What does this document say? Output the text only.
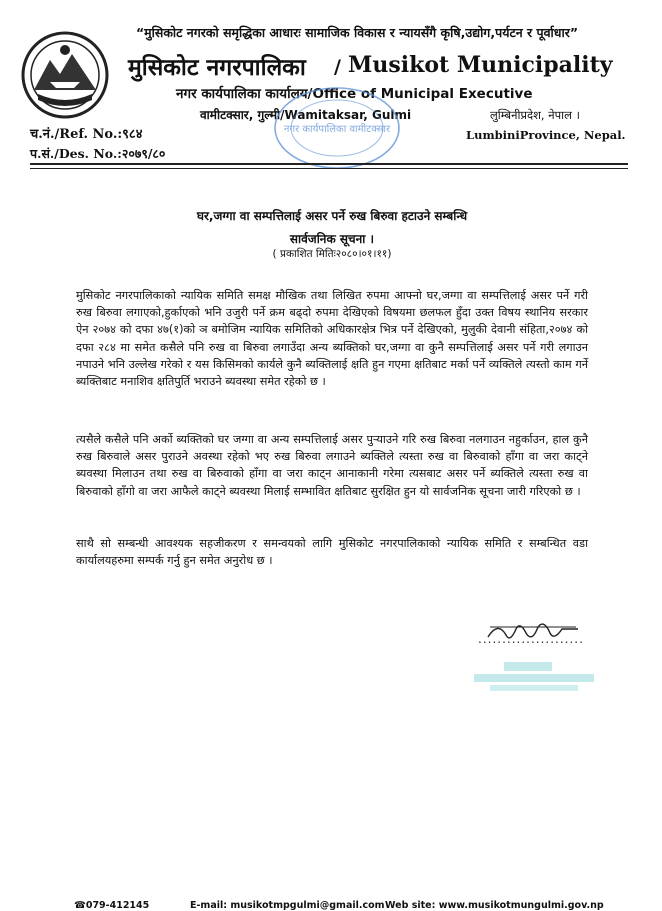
“मुसिकोट नगरको समृद्धिका आधारः सामाजिक विकास र न्यायसँगै कृषि,उद्योग,पर्यटन र पूर्वाधार”
मुसिकोट नगरपालिका / Musikot Municipality
नगर कार्यपालिका कार्यालय/Office of Municipal Executive
वामीटक्सार, गुल्मी/Wamitaksar, Gulmi	लुम्बिनीप्रदेश, नेपाल ।
LumbiniProvince, Nepal.
च.नं./Ref. No.:९८४
प.सं./Des. No.:२०७९/८०
नगर कार्यपालिका वामीटक्सार
घर,जग्गा वा सम्पत्तिलाई असर पर्ने रुख बिरुवा हटाउने सम्बन्धि
सार्वजनिक सूचना ।
( प्रकाशित मितिः२०८०।०१।११)
मुसिकोट नगरपालिकाको न्यायिक समिति समक्ष मौखिक तथा लिखित रुपमा आफ्नो घर,जग्गा वा सम्पत्तिलाई असर पर्ने गरी रुख बिरुवा लगाएको,हुर्काएको भनि उजुरी पर्ने क्रम बढ्दो रुपमा देखिएको विषयमा छलफल हुँदा उक्त विषय स्थानिय सरकार ऐन २०७४ को दफा ४७(१)को ञ बमोजिम न्यायिक समितिको अधिकारक्षेत्र भित्र पर्ने देखिएको, मुलुकी देवानी संहिता,२०७४ को दफा २८४ मा समेत कसैले पनि रुख वा बिरुवा लगाउँदा अन्य ब्यक्तिको घर,जग्गा वा कुनै सम्पत्तिलाई असर पर्ने गरी लगाउन नपाउने भनि उल्लेख गरेको र यस किसिमको कार्यले कुनै ब्यक्तिलाई क्षति हुन गएमा क्षतिबाट मर्का पर्ने व्यक्तिले त्यस्तो काम गर्ने ब्यक्तिबाट मनाशिव क्षतिपुर्ति भराउने ब्यवस्था समेत रहेको छ ।
त्यसैले कसैले पनि अर्को ब्यक्तिको घर जग्गा वा अन्य सम्पत्तिलाई असर पुर्‍याउने गरि रुख बिरुवा नलगाउन नहुर्काउन, हाल कुनै रुख बिरुवाले असर पुराउने अवस्था रहेको भए रुख बिरुवा लगाउने ब्यक्तिले त्यस्ता रुख वा बिरुवाको हाँगा वा जरा काट्ने ब्यवस्था मिलाउन तथा रुख वा बिरुवाको हाँगा वा जरा काट्न आनाकानी गरेमा त्यसबाट असर पर्ने ब्यक्तिले त्यस्ता रुख वा बिरुवाको हाँगो वा जरा आफैले काट्ने ब्यवस्था मिलाई सम्भावित क्षतिबाट सुरक्षित हुन यो सार्वजनिक सूचना जारी गरिएको छ ।
साथै सो सम्बन्धी आवश्यक सहजीकरण र समन्वयको लागि मुसिकोट नगरपालिकाको न्यायिक समिति र सम्बन्धित वडा कार्यालयहरुमा सम्पर्क गर्नु हुन समेत अनुरोध छ ।
......................
☎079-412145	E-mail: musikotmpgulmi@gmail.com Web site: www.musikotmungulmi.gov.np
